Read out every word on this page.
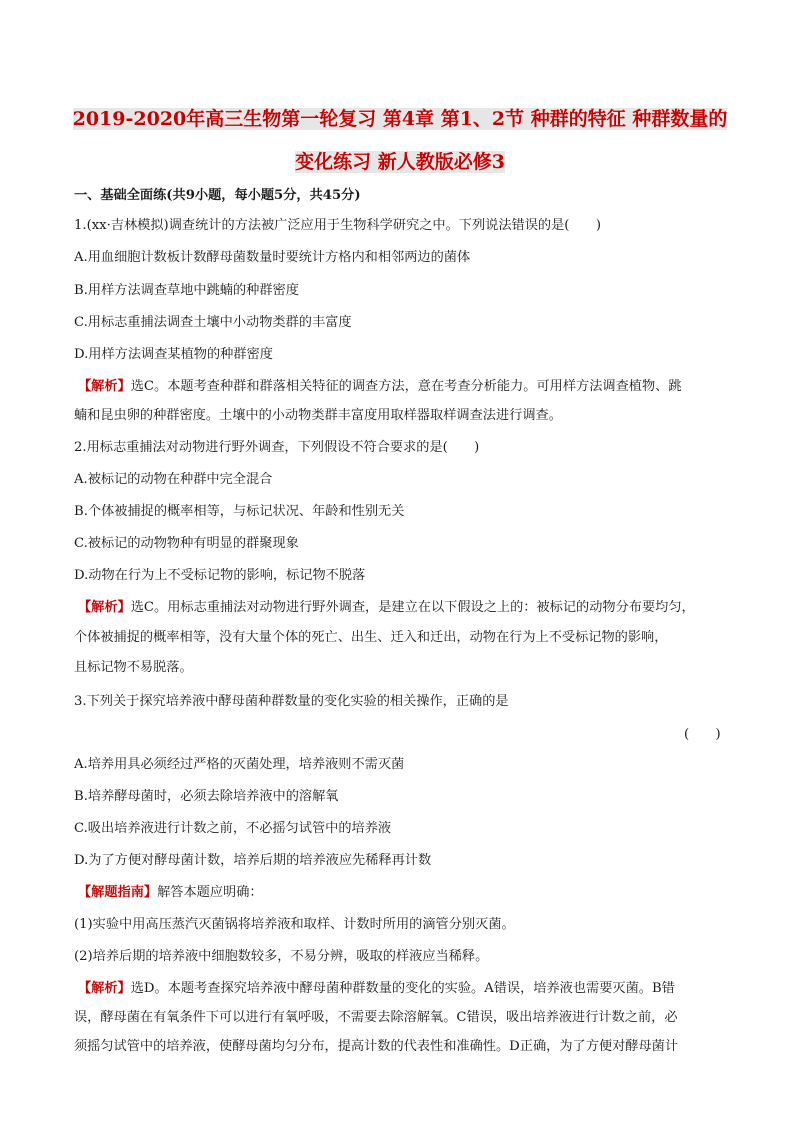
2019-2020年高三生物第一轮复习 第4章 第1、2节 种群的特征 种群数量的
变化练习 新人教版必修3
一、基础全面练(共9小题，每小题5分，共45分)
1.(xx·吉林模拟)调查统计的方法被广泛应用于生物科学研究之中。下列说法错误的是(　　)
A.用血细胞计数板计数酵母菌数量时要统计方格内和相邻两边的菌体
B.用样方法调查草地中跳蝻的种群密度
C.用标志重捕法调查土壤中小动物类群的丰富度
D.用样方法调查某植物的种群密度
【解析】选C。本题考查种群和群落相关特征的调查方法，意在考查分析能力。可用样方法调查植物、跳
蝻和昆虫卵的种群密度。土壤中的小动物类群丰富度用取样器取样调查法进行调查。
2.用标志重捕法对动物进行野外调查，下列假设不符合要求的是(　　)
A.被标记的动物在种群中完全混合
B.个体被捕捉的概率相等，与标记状况、年龄和性别无关
C.被标记的动物物种有明显的群聚现象
D.动物在行为上不受标记物的影响，标记物不脱落
【解析】选C。用标志重捕法对动物进行野外调查，是建立在以下假设之上的：被标记的动物分布要均匀，
个体被捕捉的概率相等，没有大量个体的死亡、出生、迁入和迁出，动物在行为上不受标记物的影响，
且标记物不易脱落。
3.下列关于探究培养液中酵母菌种群数量的变化实验的相关操作，正确的是
(　　)
A.培养用具必须经过严格的灭菌处理，培养液则不需灭菌
B.培养酵母菌时，必须去除培养液中的溶解氧
C.吸出培养液进行计数之前，不必摇匀试管中的培养液
D.为了方便对酵母菌计数，培养后期的培养液应先稀释再计数
【解题指南】解答本题应明确：
(1)实验中用高压蒸汽灭菌锅将培养液和取样、计数时所用的滴管分别灭菌。
(2)培养后期的培养液中细胞数较多，不易分辨，吸取的样液应当稀释。
【解析】选D。本题考查探究培养液中酵母菌种群数量的变化的实验。A错误，培养液也需要灭菌。B错
误，酵母菌在有氧条件下可以进行有氧呼吸，不需要去除溶解氧。C错误，吸出培养液进行计数之前，必
须摇匀试管中的培养液，使酵母菌均匀分布，提高计数的代表性和准确性。D正确，为了方便对酵母菌计
